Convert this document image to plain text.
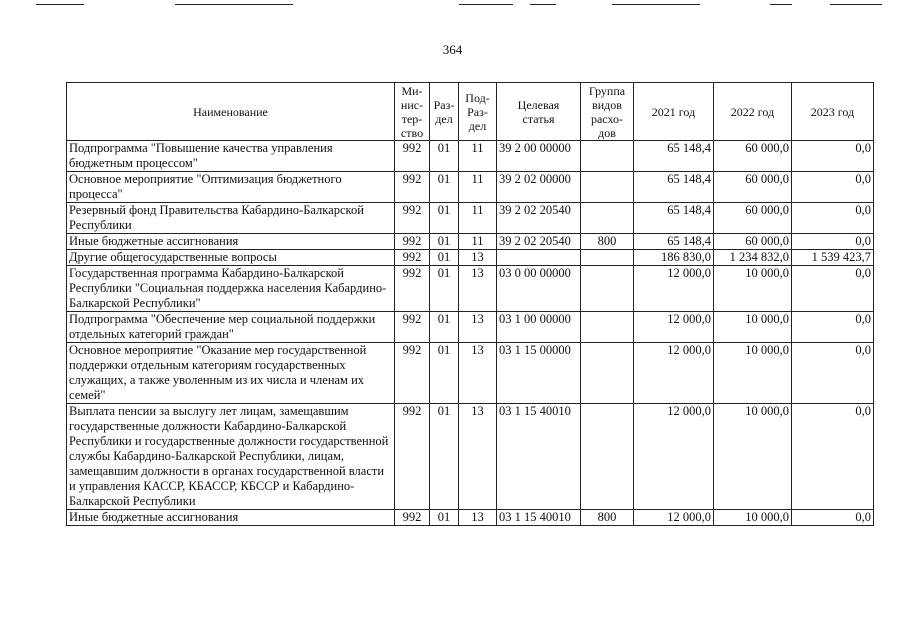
364
Наименование	Ми-
нис-
тер-
ство	Раз-
дел	Под-
Раз-
дел	Целевая
статья	Группа
видов
расхо-
дов	2021 год	2022 год	2023 год
Подпрограмма "Повышение качества управления бюджетным процессом"	992	01	11	39 2 00 00000		65 148,4	60 000,0	0,0
Основное мероприятие "Оптимизация бюджетного процесса"	992	01	11	39 2 02 00000		65 148,4	60 000,0	0,0
Резервный фонд Правительства Кабардино-Балкарской Республики	992	01	11	39 2 02 20540		65 148,4	60 000,0	0,0
Иные бюджетные ассигнования	992	01	11	39 2 02 20540	800	65 148,4	60 000,0	0,0
Другие общегосударственные вопросы	992	01	13			186 830,0	1 234 832,0	1 539 423,7
Государственная программа Кабардино-Балкарской Республики "Социальная поддержка населения Кабардино-Балкарской Республики"	992	01	13	03 0 00 00000		12 000,0	10 000,0	0,0
Подпрограмма "Обеспечение мер социальной поддержки отдельных категорий граждан"	992	01	13	03 1 00 00000		12 000,0	10 000,0	0,0
Основное мероприятие "Оказание мер государственной поддержки отдельным категориям государственных служащих, а также уволенным из их числа и членам их семей"	992	01	13	03 1 15 00000		12 000,0	10 000,0	0,0
Выплата пенсии за выслугу лет лицам, замещавшим государственные должности Кабардино-Балкарской Республики и государственные должности государственной службы Кабардино-Балкарской Республики, лицам, замещавшим должности в органах государственной власти и управления КАССР, КБАССР, КБССР и Кабардино-Балкарской Республики	992	01	13	03 1 15 40010		12 000,0	10 000,0	0,0
Иные бюджетные ассигнования	992	01	13	03 1 15 40010	800	12 000,0	10 000,0	0,0
